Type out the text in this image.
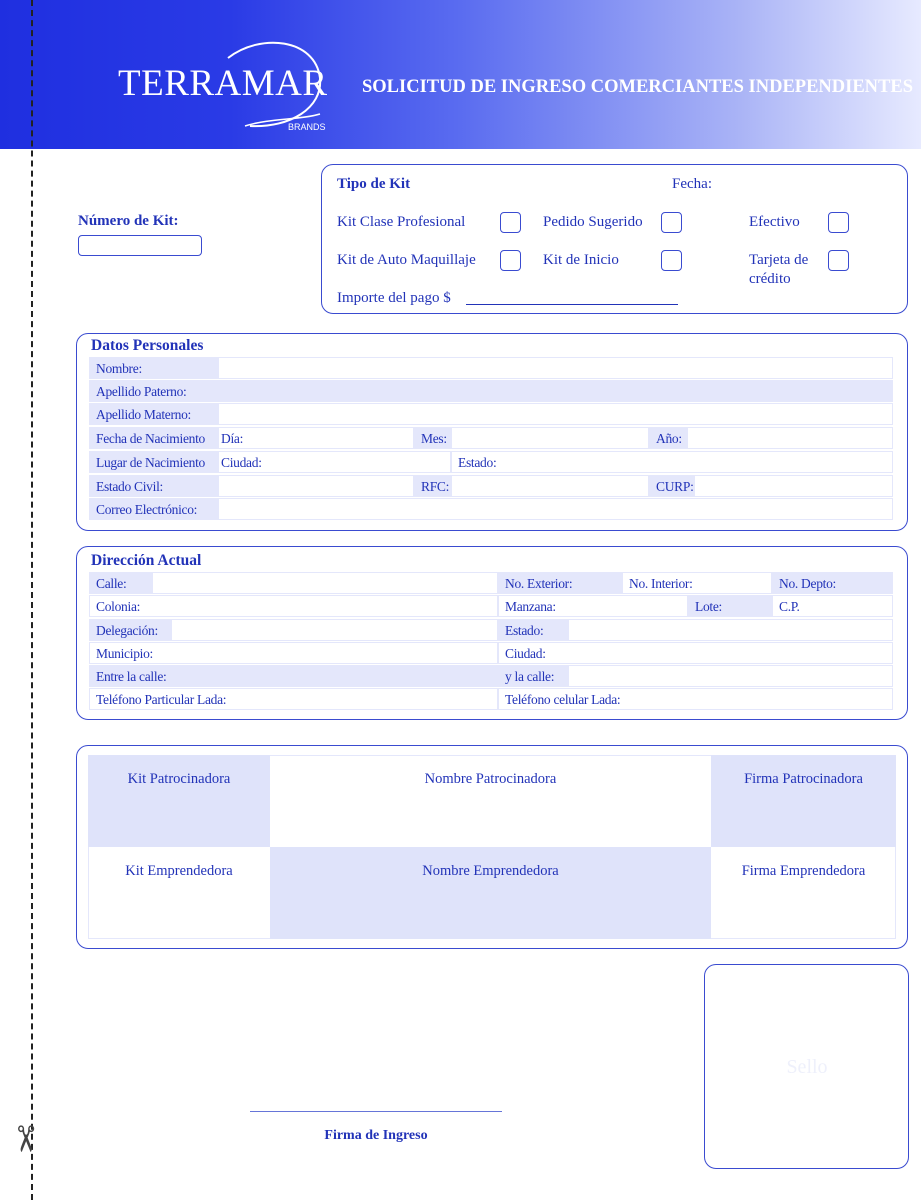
TERRAMAR
BRANDS
SOLICITUD DE INGRESO COMERCIANTES INDEPENDIENTES
✂
Número de Kit:
Tipo de Kit	Fecha:
Kit Clase Profesional	Pedido Sugerido	Efectivo
Kit de Auto Maquillaje	Kit de Inicio	Tarjeta de
crédito
Importe del pago $
Datos Personales
Nombre:
Apellido Paterno:
Apellido Materno:
Fecha de Nacimiento	Día:	Mes:	Año:
Lugar de Nacimiento	Ciudad:	Estado:
Estado Civil:	RFC:	CURP:
Correo Electrónico:
Dirección Actual
Calle:	No. Exterior:	No. Interior:	No. Depto:
Colonia:	Manzana:	Lote:	C.P.
Delegación:	Estado:
Municipio:	Ciudad:
Entre la calle:	y la calle:
Teléfono Particular Lada:	Teléfono celular Lada:
Kit Patrocinadora	Nombre Patrocinadora	Firma Patrocinadora
Kit Emprendedora	Nombre Emprendedora	Firma Emprendedora
Firma de Ingreso
Sello
